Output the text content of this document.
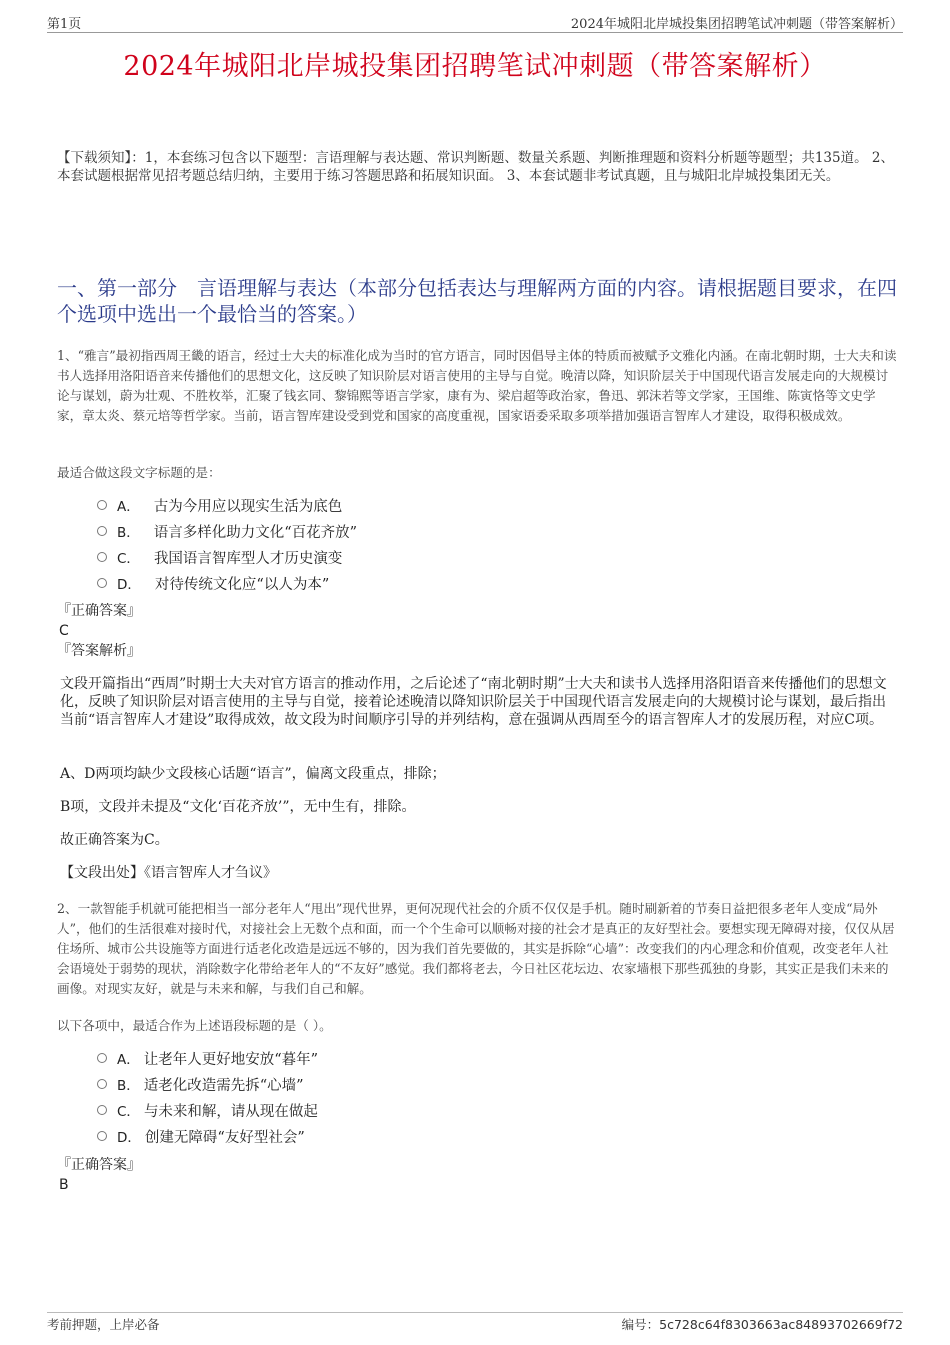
第1页	2024年城阳北岸城投集团招聘笔试冲刺题（带答案解析）
2024年城阳北岸城投集团招聘笔试冲刺题（带答案解析）
【下载须知】：1，本套练习包含以下题型：言语理解与表达题、常识判断题、数量关系题、判断推理题和资料分析题等题型；共135道。 2、本套试题根据常见招考题总结归纳，主要用于练习答题思路和拓展知识面。 3、本套试题非考试真题，且与城阳北岸城投集团无关。
一、第一部分　言语理解与表达（本部分包括表达与理解两方面的内容。请根据题目要求，在四个选项中选出一个最恰当的答案。）

1、“雅言”最初指西周王畿的语言，经过士大夫的标准化成为当时的官方语言，同时因倡导主体的特质而被赋予文雅化内涵。在南北朝时期，士大夫和读书人选择用洛阳语音来传播他们的思想文化，这反映了知识阶层对语言使用的主导与自觉。晚清以降，知识阶层关于中国现代语言发展走向的大规模讨论与谋划，蔚为壮观、不胜枚举，汇聚了钱玄同、黎锦熙等语言学家，康有为、梁启超等政治家，鲁迅、郭沫若等文学家，王国维、陈寅恪等文史学家，章太炎、蔡元培等哲学家。当前，语言智库建设受到党和国家的高度重视，国家语委采取多项举措加强语言智库人才建设，取得积极成效。

最适合做这段文字标题的是：

A． 古为今用应以现实生活为底色
B． 语言多样化助力文化“百花齐放”
C． 我国语言智库型人才历史演变
D． 对待传统文化应“以人为本”
『正确答案』
C
『答案解析』

文段开篇指出“西周”时期士大夫对官方语言的推动作用，之后论述了“南北朝时期”士大夫和读书人选择用洛阳语音来传播他们的思想文化，反映了知识阶层对语言使用的主导与自觉，接着论述晚清以降知识阶层关于中国现代语言发展走向的大规模讨论与谋划，最后指出当前“语言智库人才建设”取得成效，故文段为时间顺序引导的并列结构，意在强调从西周至今的语言智库人才的发展历程，对应C项。

A、D两项均缺少文段核心话题“语言”，偏离文段重点，排除；

B项，文段并未提及“文化‘百花齐放’”，无中生有，排除。

故正确答案为C。

【文段出处】《语言智库人才刍议》

2、一款智能手机就可能把相当一部分老年人“甩出”现代世界，更何况现代社会的介质不仅仅是手机。随时刷新着的节奏日益把很多老年人变成“局外人”，他们的生活很难对接时代，对接社会上无数个点和面，而一个个生命可以顺畅对接的社会才是真正的友好型社会。要想实现无障碍对接，仅仅从居住场所、城市公共设施等方面进行适老化改造是远远不够的，因为我们首先要做的，其实是拆除“心墙”：改变我们的内心理念和价值观，改变老年人社会语境处于弱势的现状，消除数字化带给老年人的“不友好”感觉。我们都将老去，今日社区花坛边、农家墙根下那些孤独的身影，其实正是我们未来的画像。对现实友好，就是与未来和解，与我们自己和解。

以下各项中，最适合作为上述语段标题的是（ ）。

A． 让老年人更好地安放“暮年”
B． 适老化改造需先拆“心墙”
C． 与未来和解，请从现在做起
D． 创建无障碍“友好型社会”
『正确答案』
B
考前押题，上岸必备	编号：5c728c64f8303663ac84893702669f72
